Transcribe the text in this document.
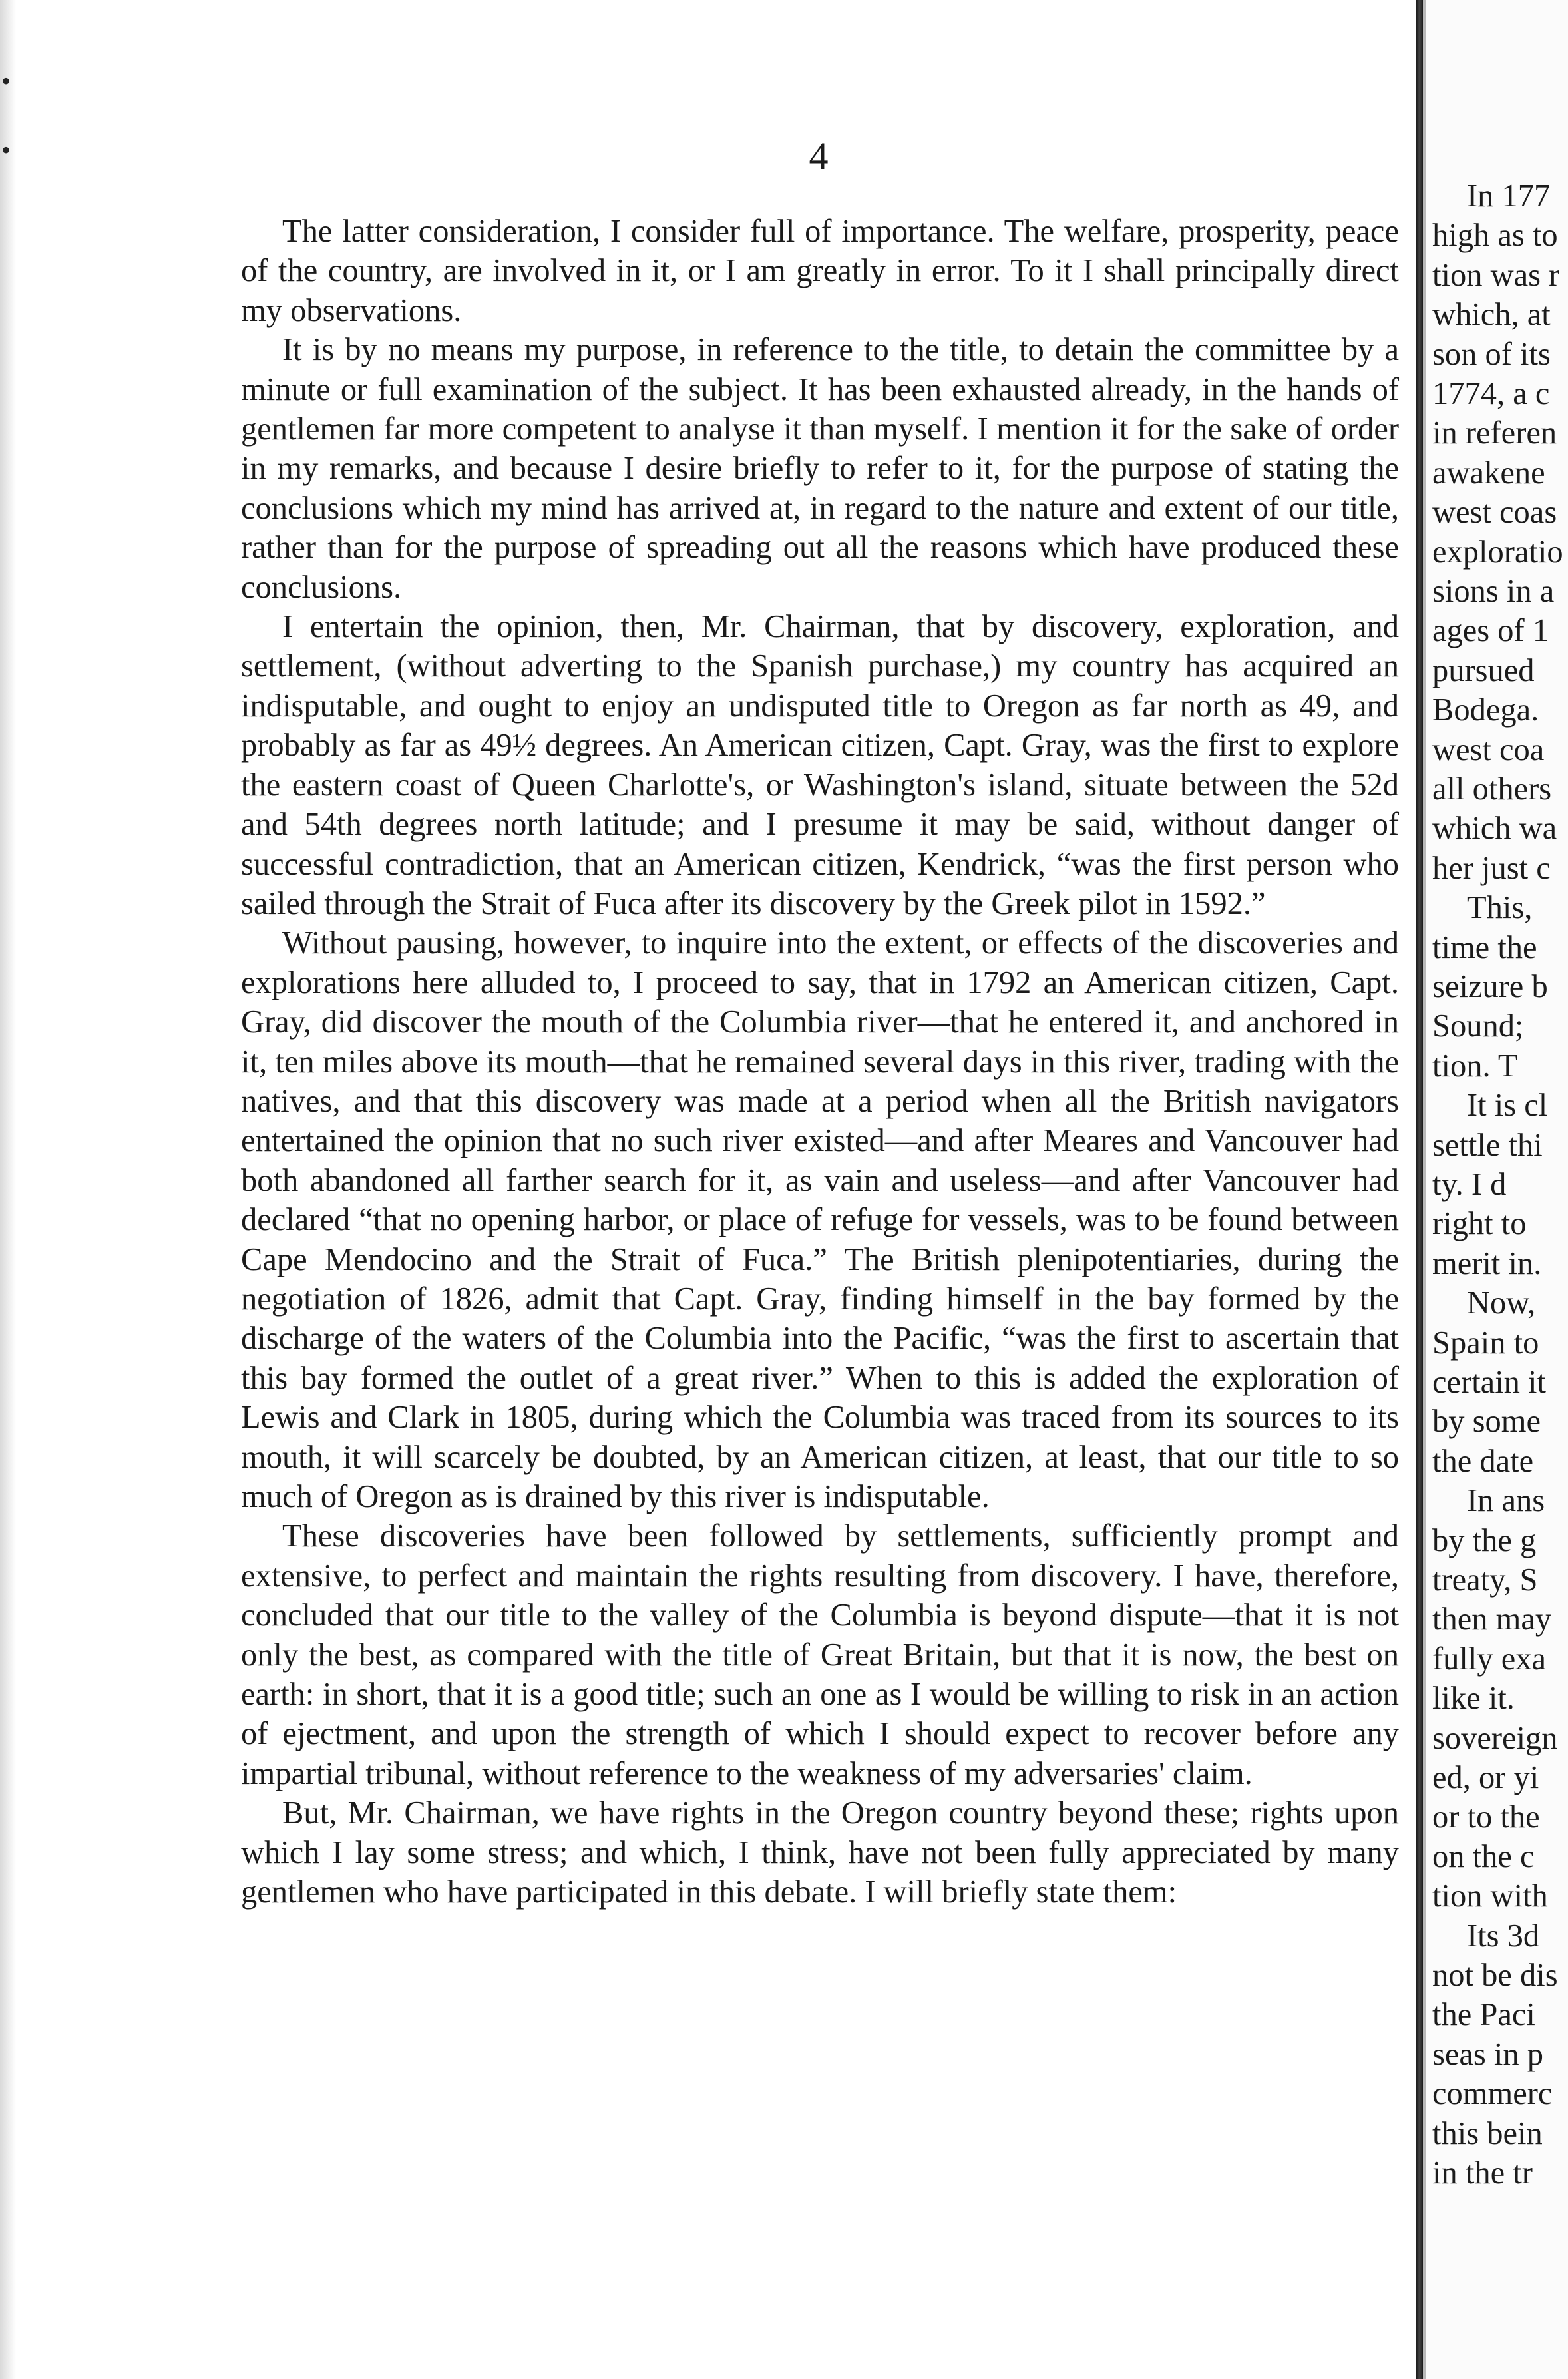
•
•	4

The latter consideration, I consider full of importance. The welfare, prosperity, peace of the country, are involved in it, or I am greatly in error. To it I shall principally direct my observations.

It is by no means my purpose, in reference to the title, to detain the committee by a minute or full examination of the subject. It has been exhausted already, in the hands of gentlemen far more competent to analyse it than myself. I mention it for the sake of order in my remarks, and because I desire briefly to refer to it, for the purpose of stating the conclusions which my mind has arrived at, in regard to the nature and extent of our title, rather than for the purpose of spreading out all the reasons which have produced these conclusions.

I entertain the opinion, then, Mr. Chairman, that by discovery, exploration, and settlement, (without adverting to the Spanish purchase,) my country has acquired an indisputable, and ought to enjoy an undisputed title to Oregon as far north as 49, and probably as far as 49½ degrees. An American citizen, Capt. Gray, was the first to explore the eastern coast of Queen Charlotte's, or Washington's island, situate between the 52d and 54th degrees north latitude; and I presume it may be said, without danger of successful contradiction, that an American citizen, Kendrick, “was the first person who sailed through the Strait of Fuca after its discovery by the Greek pilot in 1592.”

Without pausing, however, to inquire into the extent, or effects of the discoveries and explorations here alluded to, I proceed to say, that in 1792 an American citizen, Capt. Gray, did discover the mouth of the Columbia river—that he entered it, and anchored in it, ten miles above its mouth—that he remained several days in this river, trading with the natives, and that this discovery was made at a period when all the British navigators entertained the opinion that no such river existed—and after Meares and Vancouver had both abandoned all farther search for it, as vain and useless—and after Vancouver had declared “that no opening harbor, or place of refuge for vessels, was to be found between Cape Mendocino and the Strait of Fuca.” The British plenipotentiaries, during the negotiation of 1826, admit that Capt. Gray, finding himself in the bay formed by the discharge of the waters of the Columbia into the Pacific, “was the first to ascertain that this bay formed the outlet of a great river.” When to this is added the exploration of Lewis and Clark in 1805, during which the Columbia was traced from its sources to its mouth, it will scarcely be doubted, by an American citizen, at least, that our title to so much of Oregon as is drained by this river is indisputable.

These discoveries have been followed by settlements, sufficiently prompt and extensive, to perfect and maintain the rights resulting from discovery. I have, therefore, concluded that our title to the valley of the Columbia is beyond dispute—that it is not only the best, as compared with the title of Great Britain, but that it is now, the best on earth: in short, that it is a good title; such an one as I would be willing to risk in an action of ejectment, and upon the strength of which I should expect to recover before any impartial tribunal, without reference to the weakness of my adversaries' claim.

But, Mr. Chairman, we have rights in the Oregon country beyond these; rights upon which I lay some stress; and which, I think, have not been fully appreciated by many gentlemen who have participated in this debate. I will briefly state them:

In 177
high as to
tion was r
which, at
son of its
1774, a c
in referen
awakene
west coas
exploratio
sions in a
ages of 1
pursued
Bodega.
west coa
all others
which wa
her just c
This,
time the
seizure b
Sound;
tion. T
It is cl
settle thi
ty. I d
right to
merit in.
Now,
Spain to
certain it
by some
the date
In ans
by the g
treaty, S
then may
fully exa
like it.
sovereign
ed, or yi
or to the
on the c
tion with
Its 3d
not be dis
the Paci
seas in p
commerc
this bein
in the tr
